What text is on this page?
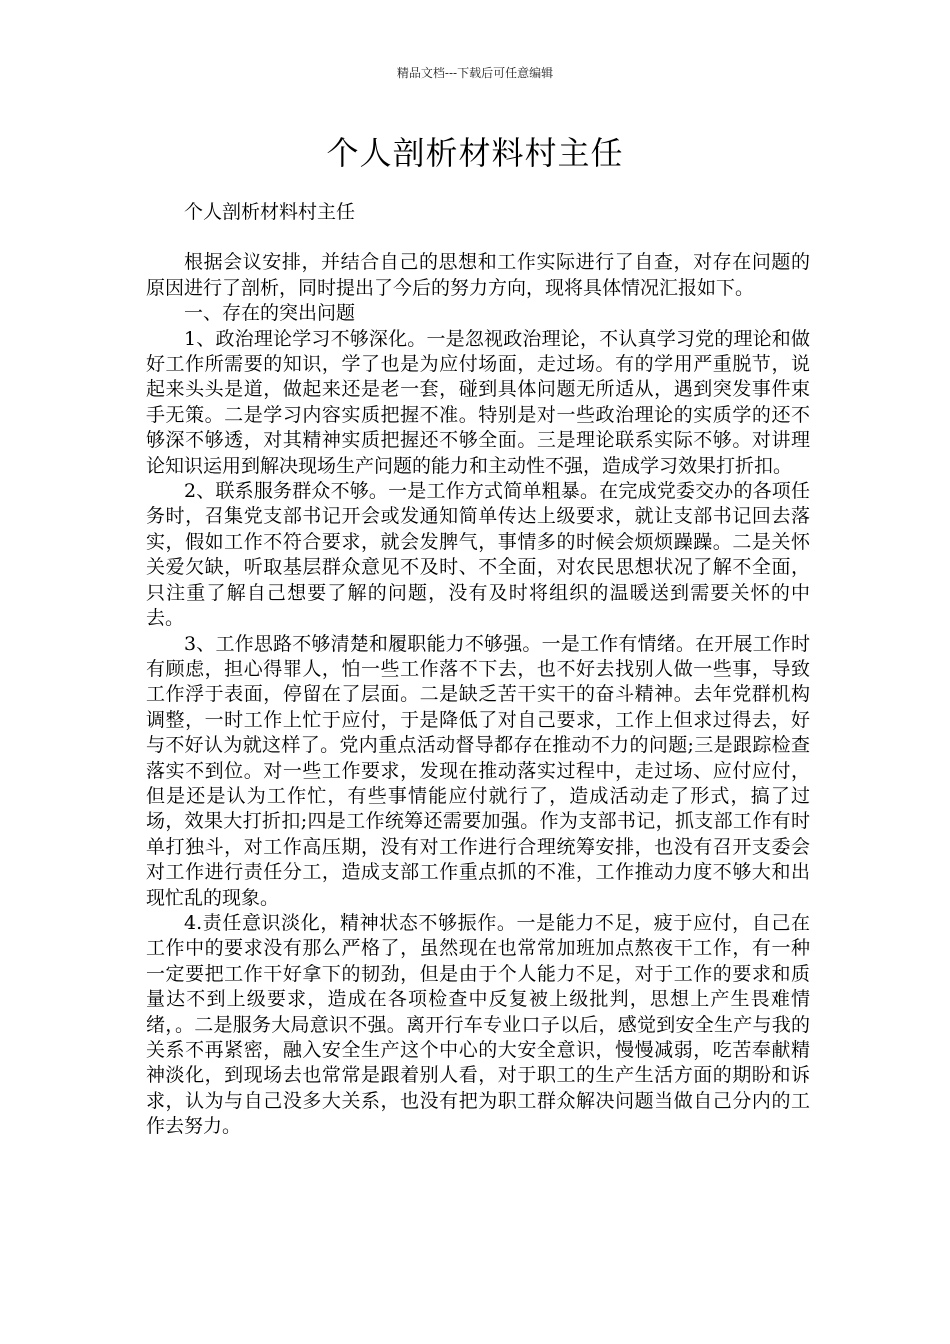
精品文档---下载后可任意编辑
个人剖析材料村主任

个人剖析材料村主任

根据会议安排，并结合自己的思想和工作实际进行了自查，对存在问题的原因进行了剖析，同时提出了今后的努力方向，现将具体情况汇报如下。

一、存在的突出问题

1、政治理论学习不够深化。一是忽视政治理论，不认真学习党的理论和做好工作所需要的知识，学了也是为应付场面，走过场。有的学用严重脱节，说起来头头是道，做起来还是老一套，碰到具体问题无所适从，遇到突发事件束手无策。二是学习内容实质把握不准。特别是对一些政治理论的实质学的还不够深不够透，对其精神实质把握还不够全面。三是理论联系实际不够。对讲理论知识运用到解决现场生产问题的能力和主动性不强，造成学习效果打折扣。

2、联系服务群众不够。一是工作方式简单粗暴。在完成党委交办的各项任务时，召集党支部书记开会或发通知简单传达上级要求，就让支部书记回去落实，假如工作不符合要求，就会发脾气，事情多的时候会烦烦躁躁。二是关怀关爱欠缺，听取基层群众意见不及时、不全面，对农民思想状况了解不全面，只注重了解自己想要了解的问题，没有及时将组织的温暖送到需要关怀的中去。

3、工作思路不够清楚和履职能力不够强。一是工作有情绪。在开展工作时有顾虑，担心得罪人，怕一些工作落不下去，也不好去找别人做一些事，导致工作浮于表面，停留在了层面。二是缺乏苦干实干的奋斗精神。去年党群机构调整，一时工作上忙于应付，于是降低了对自己要求，工作上但求过得去，好与不好认为就这样了。党内重点活动督导都存在推动不力的问题;三是跟踪检查落实不到位。对一些工作要求，发现在推动落实过程中，走过场、应付应付，但是还是认为工作忙，有些事情能应付就行了，造成活动走了形式，搞了过场，效果大打折扣;四是工作统筹还需要加强。作为支部书记，抓支部工作有时单打独斗，对工作高压期，没有对工作进行合理统筹安排，也没有召开支委会对工作进行责任分工，造成支部工作重点抓的不准，工作推动力度不够大和出现忙乱的现象。

4.责任意识淡化，精神状态不够振作。一是能力不足，疲于应付，自己在工作中的要求没有那么严格了，虽然现在也常常加班加点熬夜干工作，有一种一定要把工作干好拿下的韧劲，但是由于个人能力不足，对于工作的要求和质量达不到上级要求，造成在各项检查中反复被上级批判，思想上产生畏难情绪，。二是服务大局意识不强。离开行车专业口子以后，感觉到安全生产与我的关系不再紧密，融入安全生产这个中心的大安全意识，慢慢减弱，吃苦奉献精神淡化，到现场去也常常是跟着别人看，对于职工的生产生活方面的期盼和诉求，认为与自己没多大关系，也没有把为职工群众解决问题当做自己分内的工作去努力。
